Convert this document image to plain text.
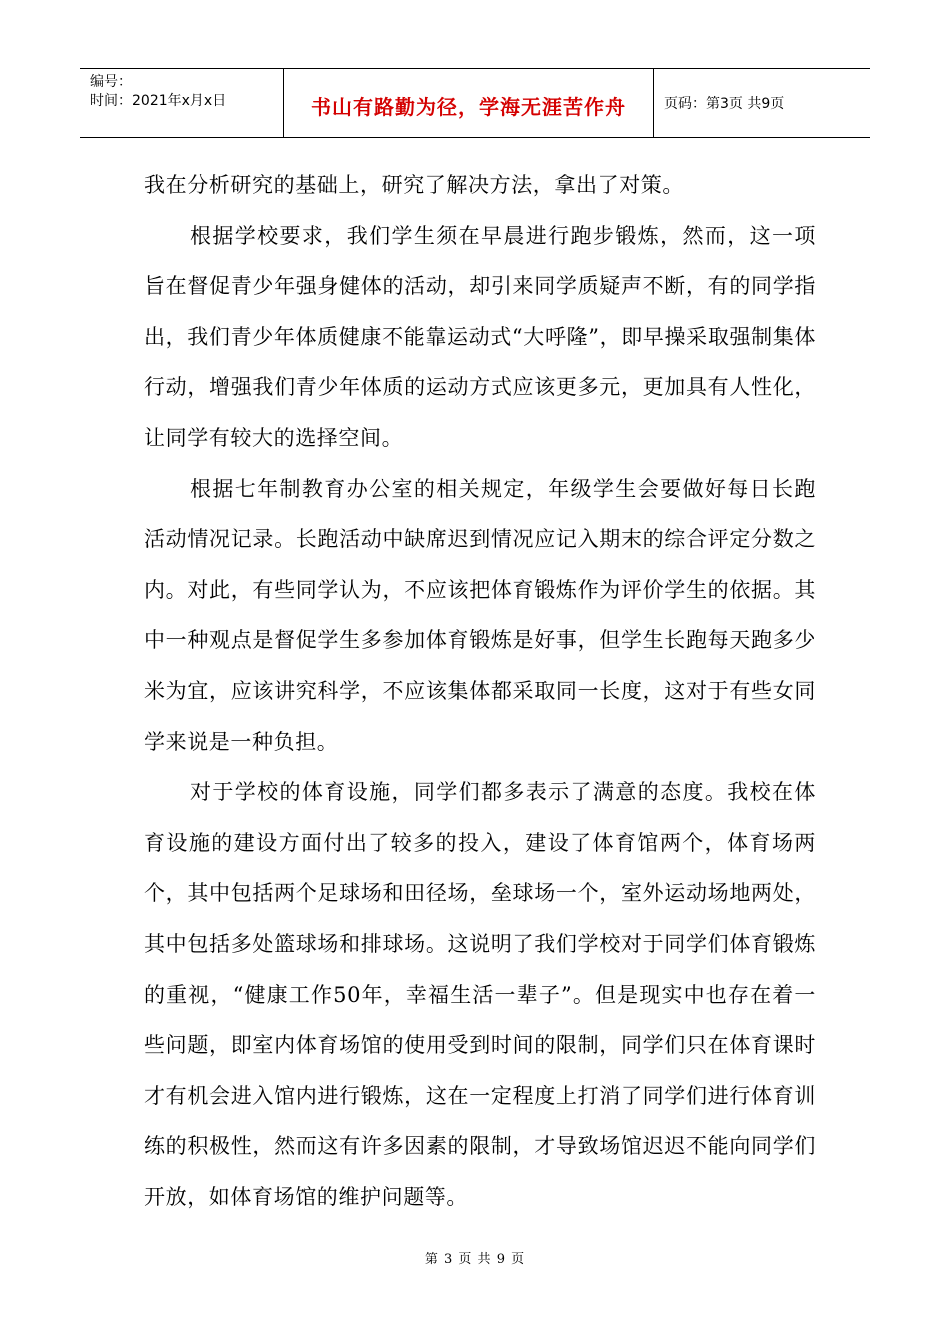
编号：
时间：2021年x月x日	书山有路勤为径，学海无涯苦作舟	页码：第3页 共9页

我在分析研究的基础上，研究了解决方法，拿出了对策。

根据学校要求，我们学生须在早晨进行跑步锻炼，然而，这一项旨在督促青少年强身健体的活动，却引来同学质疑声不断，有的同学指出，我们青少年体质健康不能靠运动式“大呼隆”，即早操采取强制集体行动，增强我们青少年体质的运动方式应该更多元，更加具有人性化，让同学有较大的选择空间。

根据七年制教育办公室的相关规定，年级学生会要做好每日长跑活动情况记录。长跑活动中缺席迟到情况应记入期末的综合评定分数之内。对此，有些同学认为，不应该把体育锻炼作为评价学生的依据。其中一种观点是督促学生多参加体育锻炼是好事，但学生长跑每天跑多少米为宜，应该讲究科学，不应该集体都采取同一长度，这对于有些女同学来说是一种负担。

对于学校的体育设施，同学们都多表示了满意的态度。我校在体育设施的建设方面付出了较多的投入，建设了体育馆两个，体育场两个，其中包括两个足球场和田径场，垒球场一个，室外运动场地两处，其中包括多处篮球场和排球场。这说明了我们学校对于同学们体育锻炼的重视，“健康工作50年，幸福生活一辈子”。但是现实中也存在着一些问题，即室内体育场馆的使用受到时间的限制，同学们只在体育课时才有机会进入馆内进行锻炼，这在一定程度上打消了同学们进行体育训练的积极性，然而这有许多因素的限制，才导致场馆迟迟不能向同学们开放，如体育场馆的维护问题等。

第 3 页 共 9 页
